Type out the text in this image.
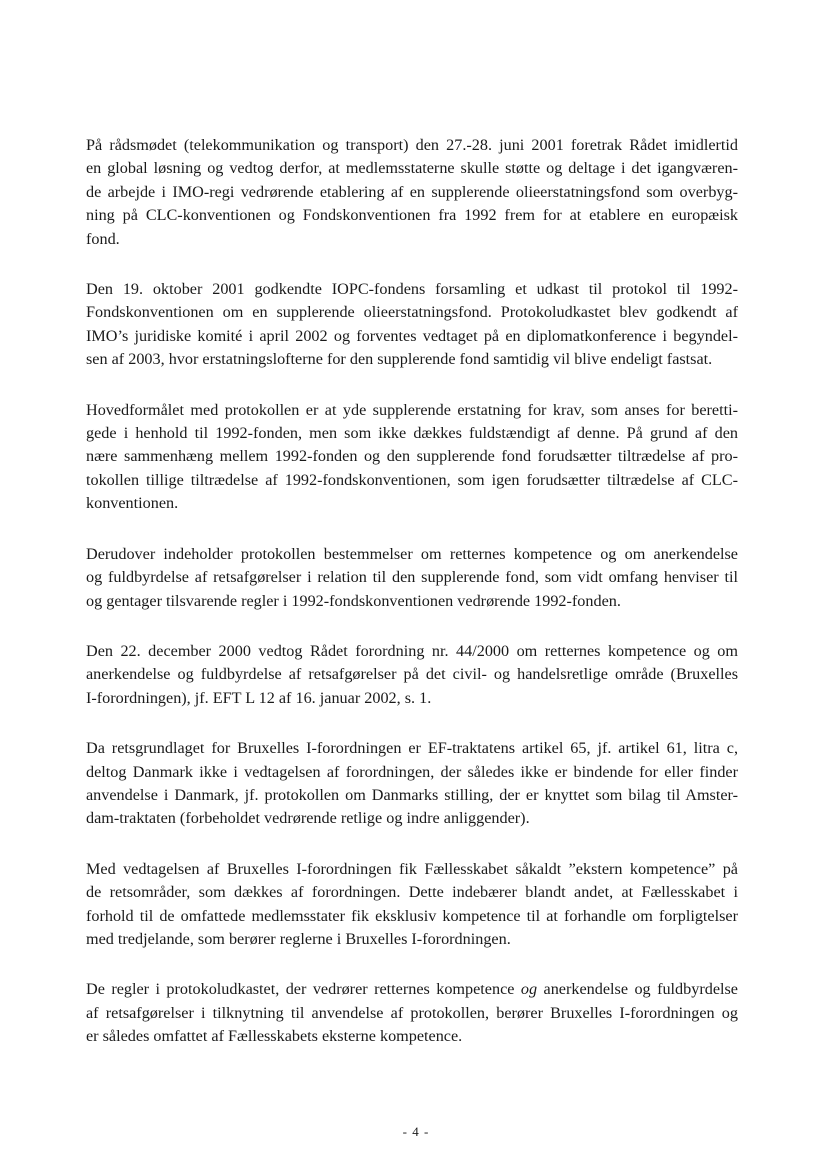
På rådsmødet (telekommunikation og transport) den 27.-28. juni 2001 foretrak Rådet imidlertid

en global løsning og vedtog derfor, at medlemsstaterne skulle støtte og deltage i det igangværen-

de arbejde i IMO-regi vedrørende etablering af en supplerende olieerstatningsfond som overbyg-

ning på CLC-konventionen og Fondskonventionen fra 1992 frem for at etablere en europæisk

fond.

Den 19. oktober 2001 godkendte IOPC-fondens forsamling et udkast til protokol til 1992-

Fondskonventionen om en supplerende olieerstatningsfond. Protokoludkastet blev godkendt af

IMO’s juridiske komité i april 2002 og forventes vedtaget på en diplomatkonference i begyndel-

sen af 2003, hvor erstatningslofterne for den supplerende fond samtidig vil blive endeligt fastsat.

Hovedformålet med protokollen er at yde supplerende erstatning for krav, som anses for beretti-

gede i henhold til 1992-fonden, men som ikke dækkes fuldstændigt af denne. På grund af den

nære sammenhæng mellem 1992-fonden og den supplerende fond forudsætter tiltrædelse af pro-

tokollen tillige tiltrædelse af 1992-fondskonventionen, som igen forudsætter tiltrædelse af CLC-

konventionen.

Derudover indeholder protokollen bestemmelser om retternes kompetence og om anerkendelse

og fuldbyrdelse af retsafgørelser i relation til den supplerende fond, som vidt omfang henviser til

og gentager tilsvarende regler i 1992-fondskonventionen vedrørende 1992-fonden.

Den 22. december 2000 vedtog Rådet forordning nr. 44/2000 om retternes kompetence og om

anerkendelse og fuldbyrdelse af retsafgørelser på det civil- og handelsretlige område (Bruxelles

I-forordningen), jf. EFT L 12 af 16. januar 2002, s. 1.

Da retsgrundlaget for Bruxelles I-forordningen er EF-traktatens artikel 65, jf. artikel 61, litra c,

deltog Danmark ikke i vedtagelsen af forordningen, der således ikke er bindende for eller finder

anvendelse i Danmark, jf. protokollen om Danmarks stilling, der er knyttet som bilag til Amster-

dam-traktaten (forbeholdet vedrørende retlige og indre anliggender).

Med vedtagelsen af Bruxelles I-forordningen fik Fællesskabet såkaldt ”ekstern kompetence” på

de retsområder, som dækkes af forordningen. Dette indebærer blandt andet, at Fællesskabet i

forhold til de omfattede medlemsstater fik eksklusiv kompetence til at forhandle om forpligtelser

med tredjelande, som berører reglerne i Bruxelles I-forordningen.

De regler i protokoludkastet, der vedrører retternes kompetence og anerkendelse og fuldbyrdelse

af retsafgørelser i tilknytning til anvendelse af protokollen, berører Bruxelles I-forordningen og

er således omfattet af Fællesskabets eksterne kompetence.

- 4 -
